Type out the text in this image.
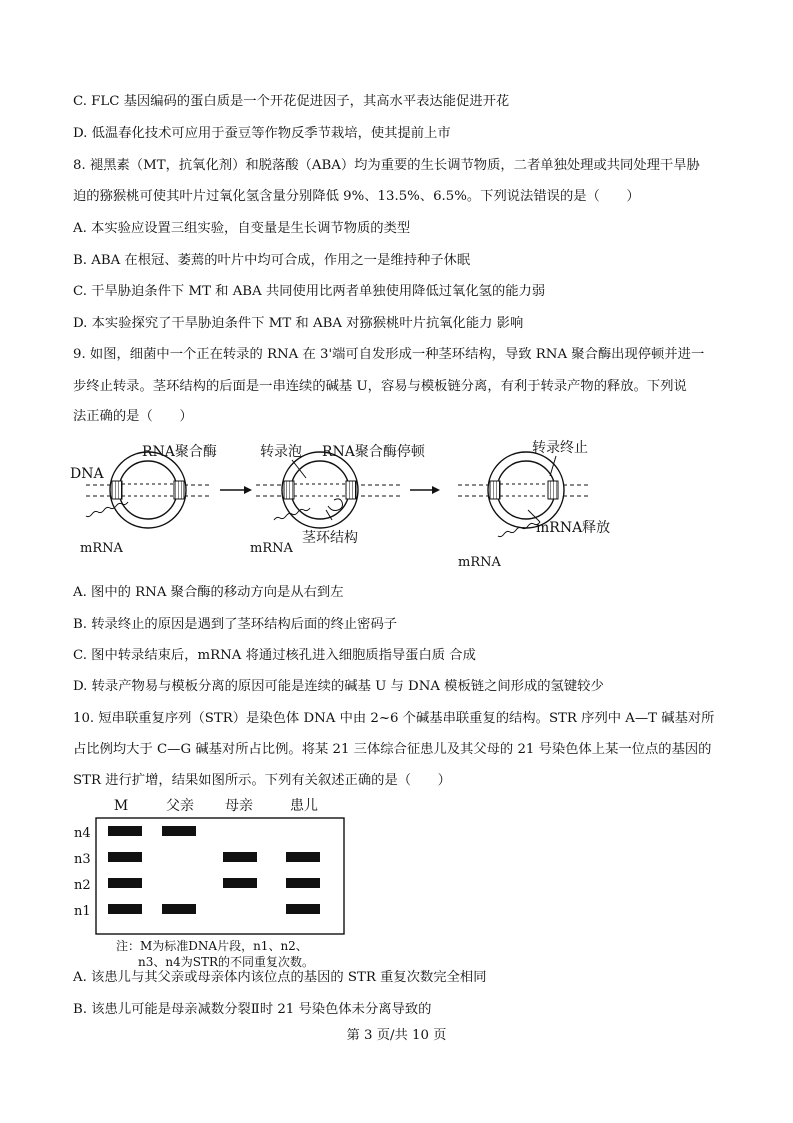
C. FLC 基因编码的蛋白质是一个开花促进因子，其高水平表达能促进开花
D. 低温春化技术可应用于蚕豆等作物反季节栽培，使其提前上市
8. 褪黑素（MT，抗氧化剂）和脱落酸（ABA）均为重要的生长调节物质，二者单独处理或共同处理干旱胁
迫的猕猴桃可使其叶片过氧化氢含量分别降低 9%、13.5%、6.5%。下列说法错误的是（　　）
A. 本实验应设置三组实验，自变量是生长调节物质的类型
B. ABA 在根冠、萎蔫的叶片中均可合成，作用之一是维持种子休眠
C. 干旱胁迫条件下 MT 和 ABA 共同使用比两者单独使用降低过氧化氢的能力弱
D. 本实验探究了干旱胁迫条件下 MT 和 ABA 对猕猴桃叶片抗氧化能力 影响
9. 如图，细菌中一个正在转录的 RNA 在 3'端可自发形成一种茎环结构，导致 RNA 聚合酶出现停顿并进一
步终止转录。茎环结构的后面是一串连续的碱基 U，容易与模板链分离，有利于转录产物的释放。下列说
法正确的是（　　）
DNA
RNA聚合酶
mRNA
转录泡 RNA聚合酶停顿
茎环结构
mRNA
转录终止
mRNA释放
mRNA
A. 图中的 RNA 聚合酶的移动方向是从右到左
B. 转录终止的原因是遇到了茎环结构后面的终止密码子
C. 图中转录结束后，mRNA 将通过核孔进入细胞质指导蛋白质 合成
D. 转录产物易与模板分离的原因可能是连续的碱基 U 与 DNA 模板链之间形成的氢键较少
10. 短串联重复序列（STR）是染色体 DNA 中由 2~6 个碱基串联重复的结构。STR 序列中 A—T 碱基对所
占比例均大于 C—G 碱基对所占比例。将某 21 三体综合征患儿及其父母的 21 号染色体上某一位点的基因的
STR 进行扩增，结果如图所示。下列有关叙述正确的是（　　）
M	父亲 母亲	患儿
n4
n3
n2
n1
注：M为标准DNA片段，n1、n2、
n3、n4为STR的不同重复次数。
A. 该患儿与其父亲或母亲体内该位点的基因的 STR 重复次数完全相同
B. 该患儿可能是母亲减数分裂Ⅱ时 21 号染色体未分离导致的
第 3 页/共 10 页
